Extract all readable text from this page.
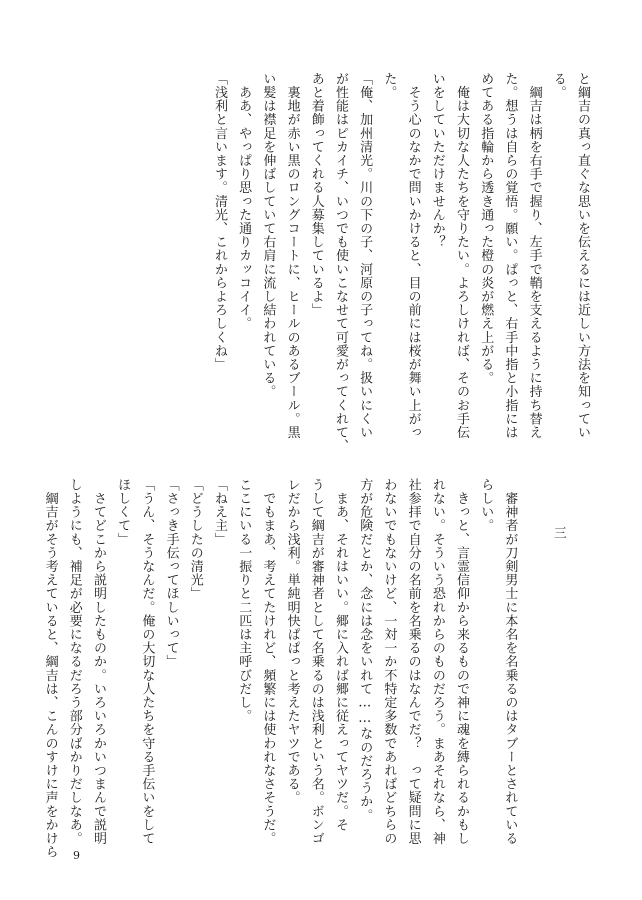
と綱吉の真っ直ぐな思いを伝えるには近しい方法を知ってい
る。
　綱吉は柄を右手で握り、左手で鞘を支えるように持ち替え
た。想うは自らの覚悟。願い。ぱっと、右手中指と小指には
めてある指輪から透き通った橙の炎が燃え上がる。
　俺は大切な人たちを守りたい。よろしければ、そのお手伝
いをしていただけませんか？
　そう心のなかで問いかけると、目の前には桜が舞い上がっ
た。
「俺、加州清光。川の下の子、河原の子ってね。扱いにくい
が性能はピカイチ、いつでも使いこなせて可愛がってくれて、
あと着飾ってくれる人募集しているよ」
　裏地が赤い黒のロングコートに、ヒールのあるブール。黒
い髪は襟足を伸ばしていて右肩に流し結われている。
　ああ、やっぱり思った通りカッコイイ。
「浅利と言います。清光、これからよろしくね」
三
　審神者が刀剣男士に本名を名乗るのはタブーとされている
らしい。
　きっと、言霊信仰から来るもので神に魂を縛られるかもし
れない。そういう恐れからのものだろう。まあそれなら、神
社参拝で自分の名前を名乗るのはなんでだ？　って疑問に思
わないでもないけど、一対一か不特定多数であればどちらの
方が危険だとか、念には念をいれて……なのだろうか。
　まあ、それはいい。郷に入れば郷に従えってヤツだ。そ
うして綱吉が審神者として名乗るのは浅利という名。ボンゴ
レだから浅利。単純明快ぱぱっと考えたヤツである。
　でもまあ、考えてたけれど、頻繁には使われなさそうだ。
ここにいる一振りと二匹は主呼びだし。
「ねえ主」
「どうしたの清光」
「さっき手伝ってほしいって」
「うん、そうなんだ。俺の大切な人たちを守る手伝いをして
ほしくて」
　さてどこから説明したものか。いろいろかいつまんで説明
しようにも、補足が必要になるだろう部分ばかりだしなあ。
　綱吉がそう考えていると、綱吉は、こんのすけに声をかけら	9
